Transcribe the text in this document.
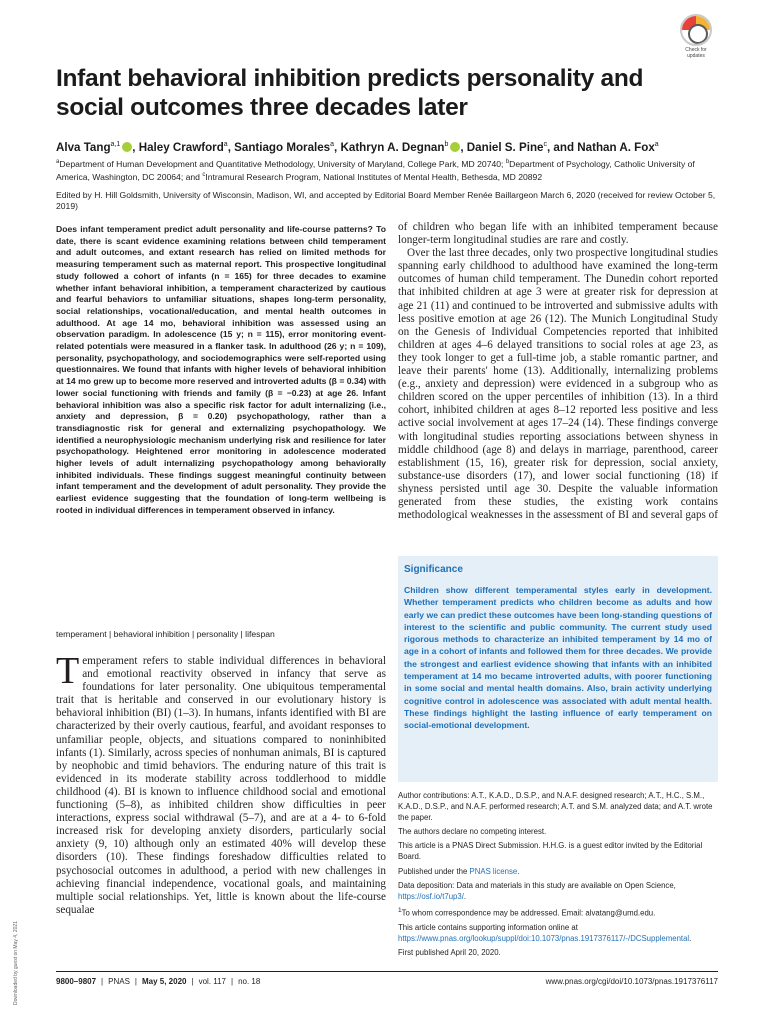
Check for updates
Infant behavioral inhibition predicts personality and social outcomes three decades later
Alva Tang$^{a,1}$ , Haley Crawford$^a$, Santiago Morales$^a$, Kathryn A. Degnan$^b$ , Daniel S. Pine$^c$, and Nathan A. Fox$^a$
$^a$Department of Human Development and Quantitative Methodology, University of Maryland, College Park, MD 20740; $^b$Department of Psychology, Catholic University of America, Washington, DC 20064; and $^c$Intramural Research Program, National Institutes of Mental Health, Bethesda, MD 20892
Edited by H. Hill Goldsmith, University of Wisconsin, Madison, WI, and accepted by Editorial Board Member Renée Baillargeon March 6, 2020 (received for review October 5, 2019)
Does infant temperament predict adult personality and life-course patterns? To date, there is scant evidence examining relations between child temperament and adult outcomes, and extant research has relied on limited methods for measuring temperament such as maternal report. This prospective longitudinal study followed a cohort of infants (n = 165) for three decades to examine whether infant behavioral inhibition, a temperament characterized by cautious and fearful behaviors to unfamiliar situations, shapes long-term personality, social relationships, vocational/education, and mental health outcomes in adulthood. At age 14 mo, behavioral inhibition was assessed using an observation paradigm. In adolescence (15 y; n = 115), error monitoring event-related potentials were measured in a flanker task. In adulthood (26 y; n = 109), personality, psychopathology, and sociodemographics were self-reported using questionnaires. We found that infants with higher levels of behavioral inhibition at 14 mo grew up to become more reserved and introverted adults (β = 0.34) with lower social functioning with friends and family (β = −0.23) at age 26. Infant behavioral inhibition was also a specific risk factor for adult internalizing (i.e., anxiety and depression, β = 0.20) psychopathology, rather than a transdiagnostic risk for general and externalizing psychopathology. We identified a neurophysiologic mechanism underlying risk and resilience for later psychopathology. Heightened error monitoring in adolescence moderated higher levels of adult internalizing psychopathology among behaviorally inhibited individuals. These findings suggest meaningful continuity between infant temperament and the development of adult personality. They provide the earliest evidence suggesting that the foundation of long-term wellbeing is rooted in individual differences in temperament observed in infancy.
temperament | behavioral inhibition | personality | lifespan
Temperament refers to stable individual differences in behavioral and emotional reactivity observed in infancy that serve as foundations for later personality. One ubiquitous temperamental trait that is heritable and conserved in our evolutionary history is behavioral inhibition (BI) (1–3). In humans, infants identified with BI are characterized by their overly cautious, fearful, and avoidant responses to unfamiliar people, objects, and situations compared to noninhibited infants (1). Similarly, across species of nonhuman animals, BI is captured by neophobic and timid behaviors. The enduring nature of this trait is evidenced in its moderate stability across toddlerhood to middle childhood (4). BI is known to influence childhood social and emotional functioning (5–8), as inhibited children show difficulties in peer interactions, express social withdrawal (5–7), and are at a 4- to 6-fold increased risk for developing anxiety disorders, particularly social anxiety (9, 10) although only an estimated 40% will develop these disorders (10). These findings foreshadow difficulties related to psychosocial outcomes in adulthood, a period with new challenges in achieving financial independence, vocational goals, and maintaining multiple social relationships. Yet, little is known about the life-course sequalae

of children who began life with an inhibited temperament because longer-term longitudinal studies are rare and costly.

Over the last three decades, only two prospective longitudinal studies spanning early childhood to adulthood have examined the long-term outcomes of human child temperament. The Dunedin cohort reported that inhibited children at age 3 were at greater risk for depression at age 21 (11) and continued to be introverted and submissive adults with less positive emotion at age 26 (12). The Munich Longitudinal Study on the Genesis of Individual Competencies reported that inhibited children at ages 4–6 delayed transitions to social roles at age 23, as they took longer to get a full-time job, a stable romantic partner, and leave their parents' home (13). Additionally, internalizing problems (e.g., anxiety and depression) were evidenced in a subgroup who as children scored on the upper percentiles of inhibition (13). In a third cohort, inhibited children at ages 8–12 reported less positive and less active social involvement at ages 17–24 (14). These findings converge with longitudinal studies reporting associations between shyness in middle childhood (age 8) and delays in marriage, parenthood, career establishment (15, 16), greater risk for depression, social anxiety, substance-use disorders (17), and lower social functioning (18) if shyness persisted until age 30. Despite the valuable information generated from these studies, the existing work contains methodological weaknesses in the assessment of BI and several gaps of

Significance
Children show different temperamental styles early in development. Whether temperament predicts who children become as adults and how early we can predict these outcomes have been long-standing questions of interest to the scientific and public community. The current study used rigorous methods to characterize an inhibited temperament by 14 mo of age in a cohort of infants and followed them for three decades. We provide the strongest and earliest evidence showing that infants with an inhibited temperament at 14 mo became introverted adults, with poorer functioning in some social and mental health domains. Also, brain activity underlying cognitive control in adolescence was associated with adult mental health. These findings highlight the lasting influence of early temperament on social-emotional development.

Author contributions: A.T., K.A.D., D.S.P., and N.A.F. designed research; A.T., H.C., S.M., K.A.D., D.S.P., and N.A.F. performed research; A.T. and S.M. analyzed data; and A.T. wrote the paper.

The authors declare no competing interest.

This article is a PNAS Direct Submission. H.H.G. is a guest editor invited by the Editorial Board.

Published under the PNAS license.

Data deposition: Data and materials in this study are available on Open Science, https://osf.io/t7up3/.

$^1$To whom correspondence may be addressed. Email: alvatang@umd.edu.

This article contains supporting information online at https://www.pnas.org/lookup/suppl/doi:10.1073/pnas.1917376117/-/DCSupplemental.

First published April 20, 2020.

Downloaded by guest on May 4, 2021	9800–9807 | PNAS | May 5, 2020 | vol. 117 | no. 18	www.pnas.org/cgi/doi/10.1073/pnas.1917376117
